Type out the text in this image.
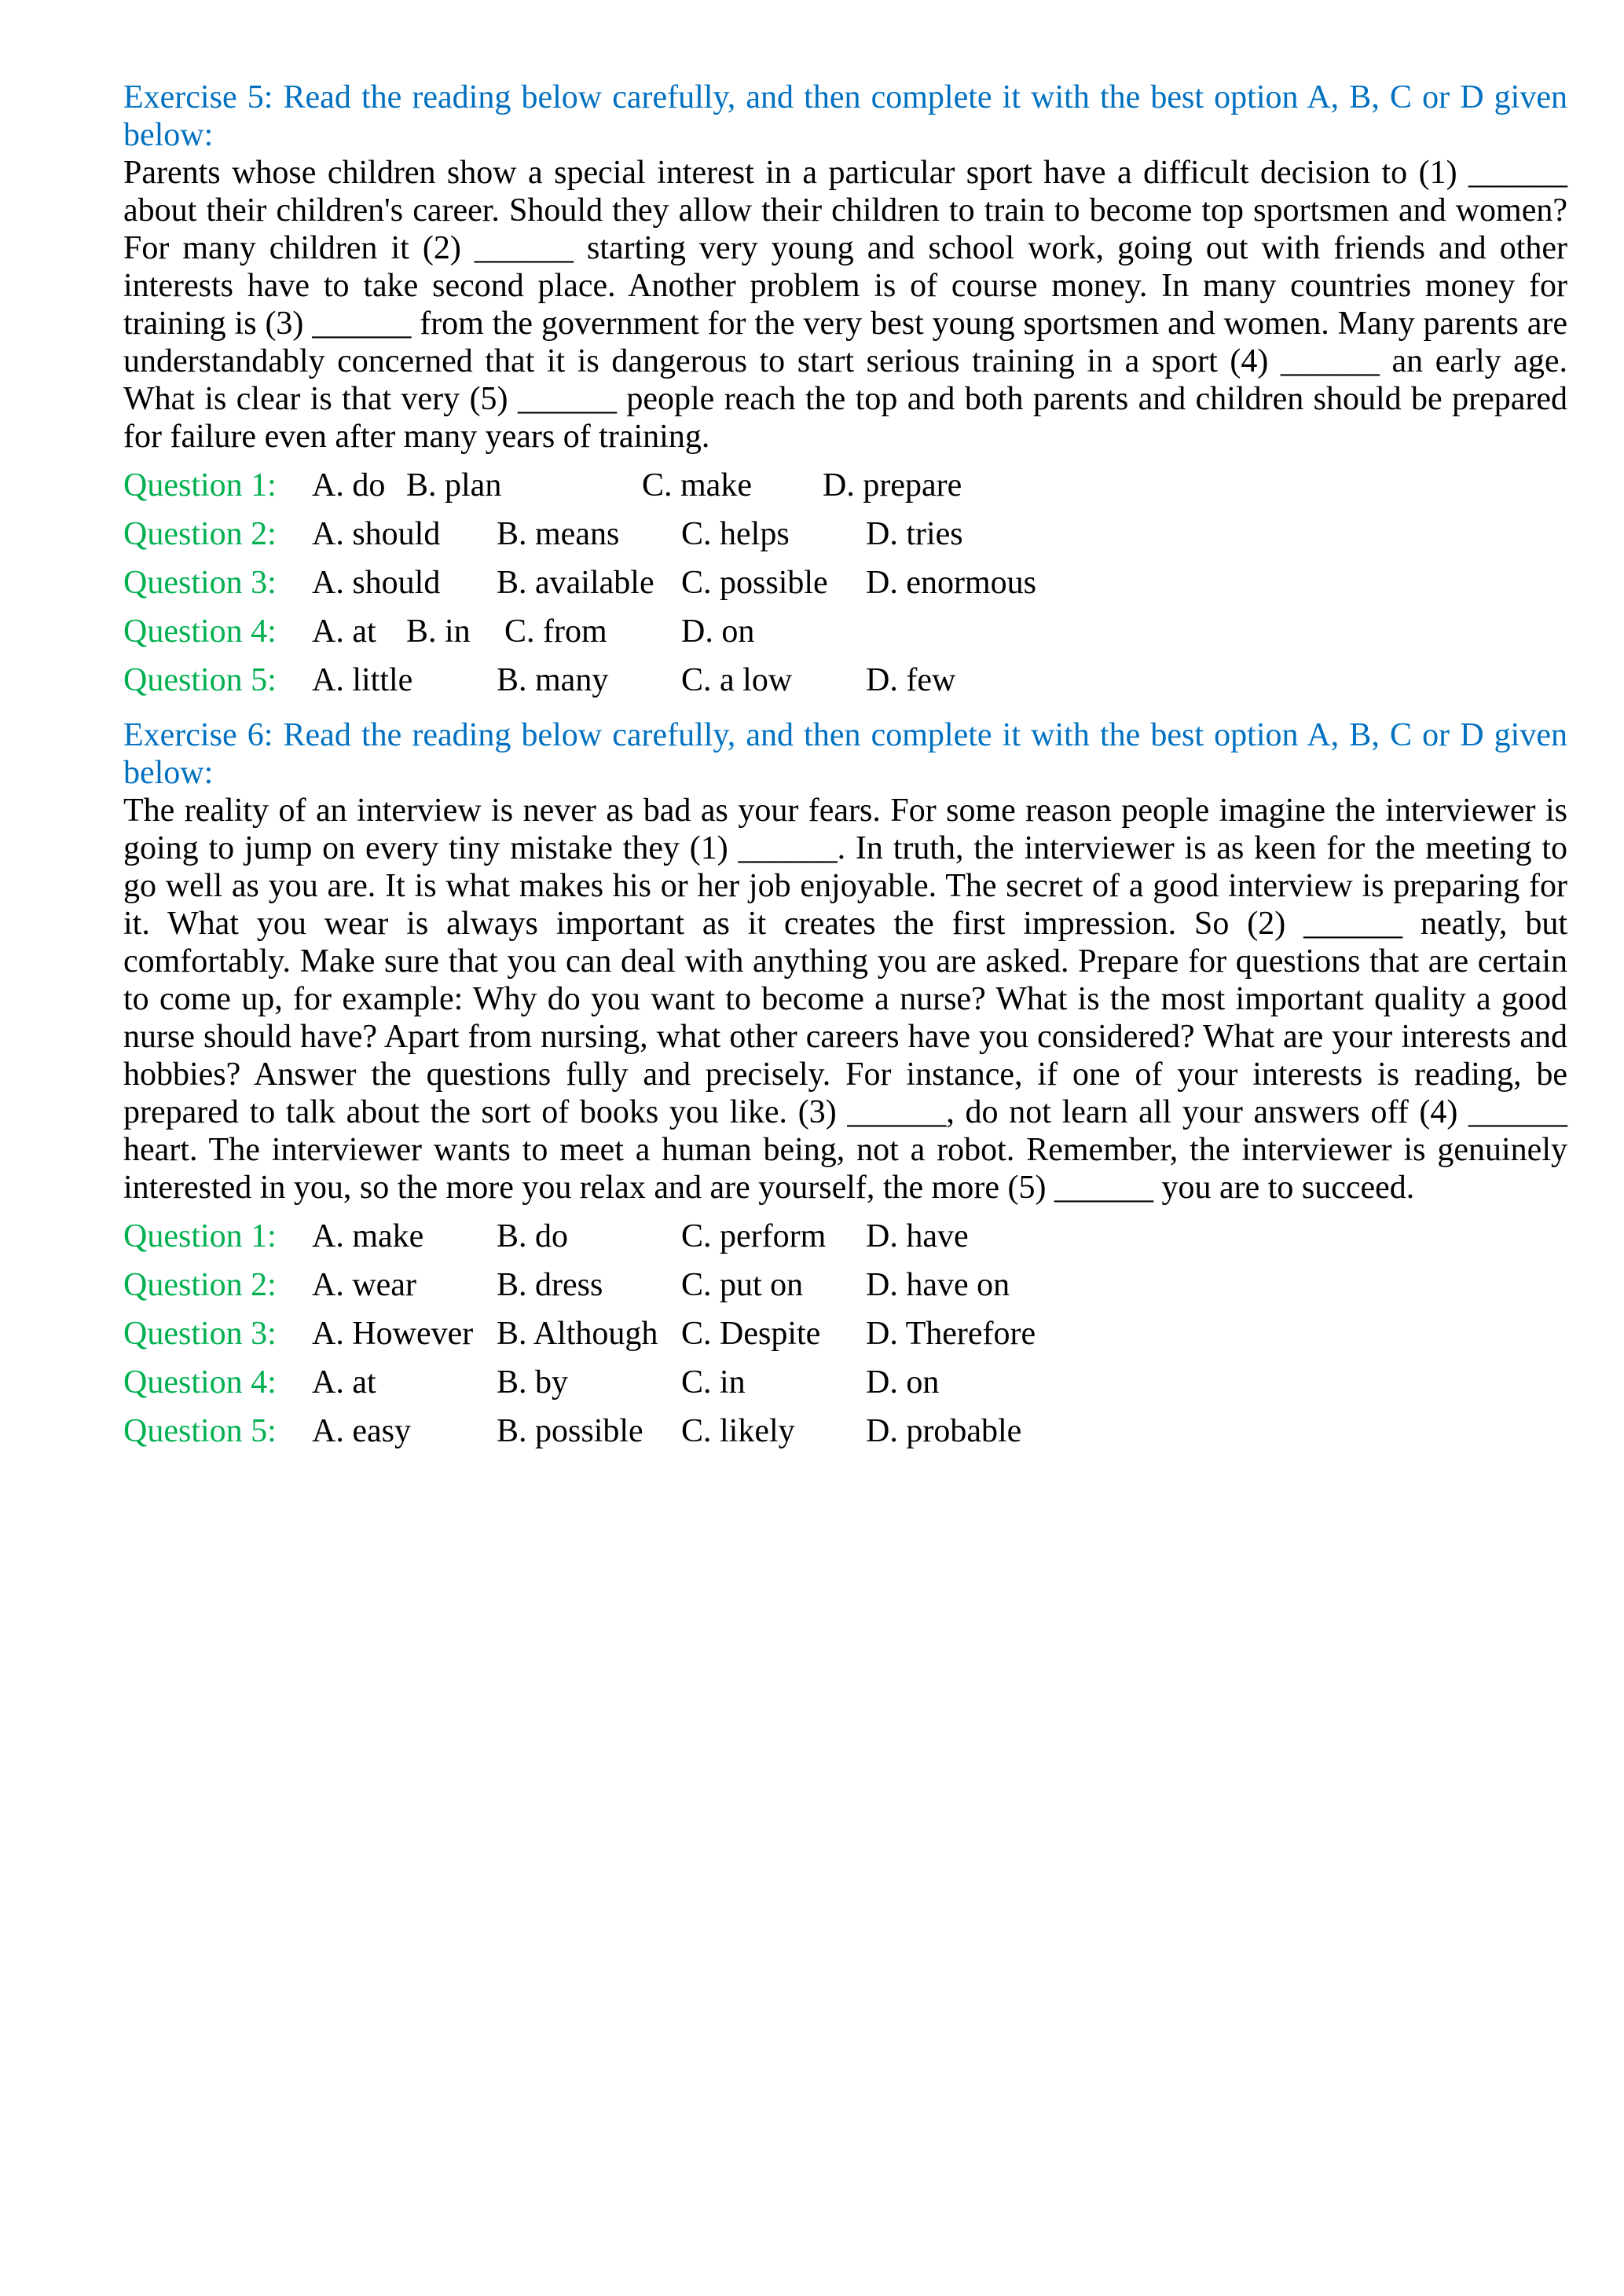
Exercise 5: Read the reading below carefully, and then complete it with the best option A, B, C or D given below:

Parents whose children show a special interest in a particular sport have a difficult decision to (1) ______ about their children's career. Should they allow their children to train to become top sportsmen and women? For many children it (2) ______ starting very young and school work, going out with friends and other interests have to take second place. Another problem is of course money. In many countries money for training is (3) ______ from the government for the very best young sportsmen and women. Many parents are understandably concerned that it is dangerous to start serious training in a sport (4) ______ an early age. What is clear is that very (5) ______ people reach the top and both parents and children should be prepared for failure even after many years of training.

Question 1: A. do B. plan	C. make D. prepare
Question 2: A. should B. means C. helps D. tries
Question 3: A. should B. available C. possible D. enormous
Question 4: A. at B. in C. from D. on
Question 5: A. little	B. many C. a low D. few
Exercise 6: Read the reading below carefully, and then complete it with the best option A, B, C or D given below:

The reality of an interview is never as bad as your fears. For some reason people imagine the interviewer is going to jump on every tiny mistake they (1) ______. In truth, the interviewer is as keen for the meeting to go well as you are. It is what makes his or her job enjoyable. The secret of a good interview is preparing for it. What you wear is always important as it creates the first impression. So (2) ______ neatly, but comfortably. Make sure that you can deal with anything you are asked. Prepare for questions that are certain to come up, for example: Why do you want to become a nurse? What is the most important quality a good nurse should have? Apart from nursing, what other careers have you considered? What are your interests and hobbies? Answer the questions fully and precisely. For instance, if one of your interests is reading, be prepared to talk about the sort of books you like. (3) ______, do not learn all your answers off (4) ______ heart. The interviewer wants to meet a human being, not a robot. Remember, the interviewer is genuinely interested in you, so the more you relax and are yourself, the more (5) ______ you are to succeed.

Question 1: A. make B. do	C. perform D. have
Question 2: A. wear B. dress C. put on D. have on
Question 3: A. However B. Although C. Despite D. Therefore
Question 4: A. at	B. by	C. in	D. on
Question 5: A. easy	B. possible C. likely D. probable
